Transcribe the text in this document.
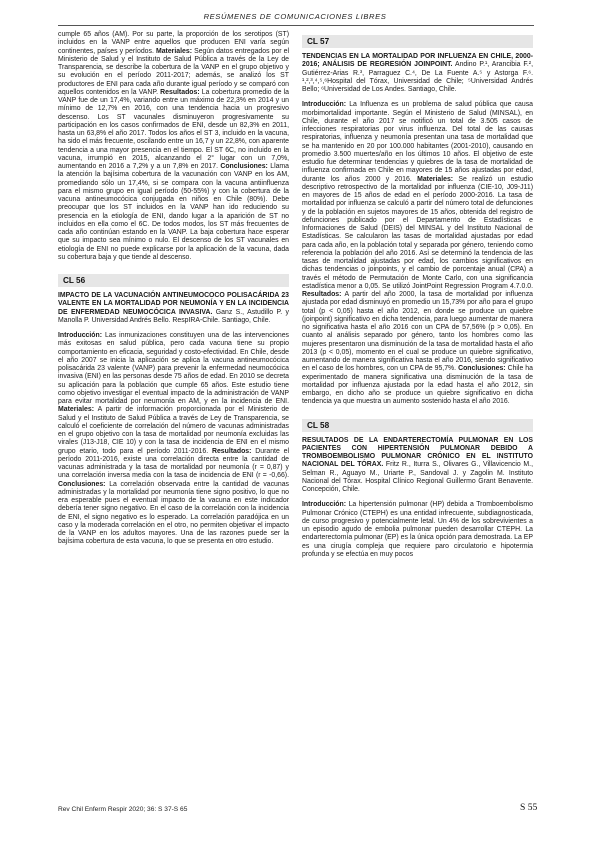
RESÚMENES DE COMUNICACIONES LIBRES

cumple 65 años (AM). Por su parte, la proporción de los serotipos (ST) incluidos en la VANP entre aquellos que producen ENI varía según continentes, países y períodos. Materiales: Según datos entregados por el Ministerio de Salud y el Instituto de Salud Pública a través de la Ley de Transparencia, se describe la cobertura de la VANP en el grupo objetivo y su evolución en el período 2011-2017; además, se analizó los ST productores de ENI para cada año durante igual período y se comparó con aquellos contenidos en la VANP. Resultados: La cobertura promedio de la VANP fue de un 17,4%, variando entre un máximo de 22,3% en 2014 y un mínimo de 12,7% en 2016, con una tendencia hacia un progresivo descenso. Los ST vacunales disminuyeron progresivamente su participación en los casos confirmados de ENI, desde un 82,3% en 2011, hasta un 63,8% el año 2017. Todos los años el ST 3, incluido en la vacuna, ha sido el más frecuente, oscilando entre un 16,7 y un 22,8%, con aparente tendencia a una mayor presencia en el tiempo. El ST 6C, no incluido en la vacuna, irrumpió en 2015, alcanzando el 2° lugar con un 7,0%, aumentando en 2016 a 7,2% y a un 7,8% en 2017. Conclusiones: Llama la atención la bajísima cobertura de la vacunación con VANP en los AM, promediando sólo un 17,4%, si se compara con la vacuna antiinfluenza para el mismo grupo en igual período (50-55%) y con la cobertura de la vacuna antineumocócica conjugada en niños en Chile (80%). Debe preocupar que los ST incluidos en la VANP han ido reduciendo su presencia en la etiología de ENI, dando lugar a la aparición de ST no incluidos en ella como el 6C. De todos modos, los ST más frecuentes de cada año continúan estando en la VANP. La baja cobertura hace esperar que su impacto sea mínimo o nulo. El descenso de los ST vacunales en etiología de ENI no puede explicarse por la aplicación de la vacuna, dada su cobertura baja y que tiende al descenso.

CL 56

IMPACTO DE LA VACUNACIÓN ANTINEUMOCOCO POLISACÁRIDA 23 VALENTE EN LA MORTALIDAD POR NEUMONÍA Y EN LA INCIDENCIA DE ENFERMEDAD NEUMOCÓCICA INVASIVA. Ganz S., Astudillo P. y Manolla P. Universidad Andrés Bello. RespIRA-Chile. Santiago, Chile.

Introducción: Las inmunizaciones constituyen una de las intervenciones más exitosas en salud pública, pero cada vacuna tiene su propio comportamiento en eficacia, seguridad y costo-efectividad. En Chile, desde el año 2007 se inicia la aplicación se aplica la vacuna antineumocócica polisacárida 23 valente (VANP) para prevenir la enfermedad neumocócica invasiva (ENI) en las personas desde 75 años de edad. En 2010 se decreta su aplicación para la población que cumple 65 años. Este estudio tiene como objetivo investigar el eventual impacto de la administración de VANP para evitar mortalidad por neumonía en AM, y en la incidencia de ENI. Materiales: A partir de información proporcionada por el Ministerio de Salud y el Instituto de Salud Pública a través de Ley de Transparencia, se calculó el coeficiente de correlación del número de vacunas administradas en el grupo objetivo con la tasa de mortalidad por neumonía excluidas las virales (J13-J18, CIE 10) y con la tasa de incidencia de ENI en el mismo grupo etario, todo para el período 2011-2016. Resultados: Durante el período 2011-2016, existe una correlación directa entre la cantidad de vacunas administrada y la tasa de mortalidad por neumonía (r = 0,87) y una correlación inversa media con la tasa de incidencia de ENI (r = -0,66). Conclusiones: La correlación observada entre la cantidad de vacunas administradas y la mortalidad por neumonía tiene signo positivo, lo que no era esperable pues el eventual impacto de la vacuna en este indicador debería tener signo negativo. En el caso de la correlación con la incidencia de ENI, el signo negativo es lo esperado. La correlación paradójica en un caso y la moderada correlación en el otro, no permiten objetivar el impacto de la VANP en los adultos mayores. Una de las razones puede ser la bajísima cobertura de esta vacuna, lo que se presenta en otro estudio.

CL 57

TENDENCIAS EN LA MORTALIDAD POR INFLUENZA EN CHILE, 2000-2016; ANÁLISIS DE REGRESIÓN JOINPOINT. Andino P.¹, Arancibia F.², Gutiérrez-Arias R.³, Parraguez C.⁴, De La Fuente A.⁵ y Astorga F.⁶. ¹,²,³,⁴,⁵,⁶Hospital del Tórax, Universidad de Chile; ⁵Universidad Andrés Bello; ⁶Universidad de Los Andes. Santiago, Chile.

Introducción: La Influenza es un problema de salud pública que causa morbimortalidad importante. Según el Ministerio de Salud (MINSAL), en Chile, durante el año 2017 se notificó un total de 3.505 casos de infecciones respiratorias por virus influenza. Del total de las causas respiratorias, influenza y neumonía presentan una tasa de mortalidad que se ha mantenido en 20 por 100.000 habitantes (2001-2010), causando en promedio 3.500 muertes/año en los últimos 10 años. El objetivo de este estudio fue determinar tendencias y quiebres de la tasa de mortalidad de influenza confirmada en Chile en mayores de 15 años ajustadas por edad, durante los años 2000 y 2016. Materiales: Se realizó un estudio descriptivo retrospectivo de la mortalidad por influenza (CIE-10, J09-J11) en mayores de 15 años de edad en el período 2000-2016. La tasa de mortalidad por influenza se calculó a partir del número total de defunciones y de la población en sujetos mayores de 15 años, obtenida del registro de defunciones publicado por el Departamento de Estadísticas e Informaciones de Salud (DEIS) del MINSAL y del Instituto Nacional de Estadísticas. Se calcularon las tasas de mortalidad ajustadas por edad para cada año, en la población total y separada por género, teniendo como referencia la población del año 2016. Así se determinó la tendencia de las tasas de mortalidad ajustadas por edad, los cambios significativos en dichas tendencias o joinpoints, y el cambio de porcentaje anual (CPA) a través el método de Permutación de Monte Carlo, con una significancia estadística menor a 0,05. Se utilizó JointPoint Regression Program 4.7.0.0. Resultados: A partir del año 2000, la tasa de mortalidad por influenza ajustada por edad disminuyó en promedio un 15,73% por año para el grupo total (p < 0,05) hasta el año 2012, en donde se produce un quiebre (joinpoint) significativo en dicha tendencia, para luego aumentar de manera no significativa hasta el año 2016 con un CPA de 57,56% (p > 0,05). En cuanto al análisis separado por género, tanto los hombres como las mujeres presentaron una disminución de la tasa de mortalidad hasta el año 2013 (p < 0,05), momento en el cual se produce un quiebre significativo, aumentando de manera significativa hasta el año 2016, siendo significativo en el caso de los hombres, con un CPA de 95,7%. Conclusiones: Chile ha experimentado de manera significativa una disminución de la tasa de mortalidad por influenza ajustada por la edad hasta el año 2012, sin embargo, en dicho año se produce un quiebre significativo en dicha tendencia ya que muestra un aumento sostenido hasta el año 2016.

CL 58

RESULTADOS DE LA ENDARTERECTOMÍA PULMONAR EN LOS PACIENTES CON HIPERTENSIÓN PULMONAR DEBIDO A TROMBOEMBOLISMO PULMONAR CRÓNICO EN EL INSTITUTO NACIONAL DEL TÓRAX. Fritz R., Iturra S., Olivares G., Villavicencio M., Selman R., Aguayo M., Uriarte P., Sandoval J. y Zagolin M. Instituto Nacional del Tórax. Hospital Clínico Regional Guillermo Grant Benavente. Concepción, Chile.

Introducción: La hipertensión pulmonar (HP) debida a Tromboembolismo Pulmonar Crónico (CTEPH) es una entidad infrecuente, subdiagnosticada, de curso progresivo y potencialmente letal. Un 4% de los sobrevivientes a un episodio agudo de embolia pulmonar pueden desarrollar CTEPH. La endarterectomía pulmonar (EP) es la única opción para demostrada. La EP es una cirugía compleja que requiere paro circulatorio e hipotermia profunda y se efectúa en muy pocos

Rev Chil Enferm Respir 2020; 36: S 37-S 65	S 55
